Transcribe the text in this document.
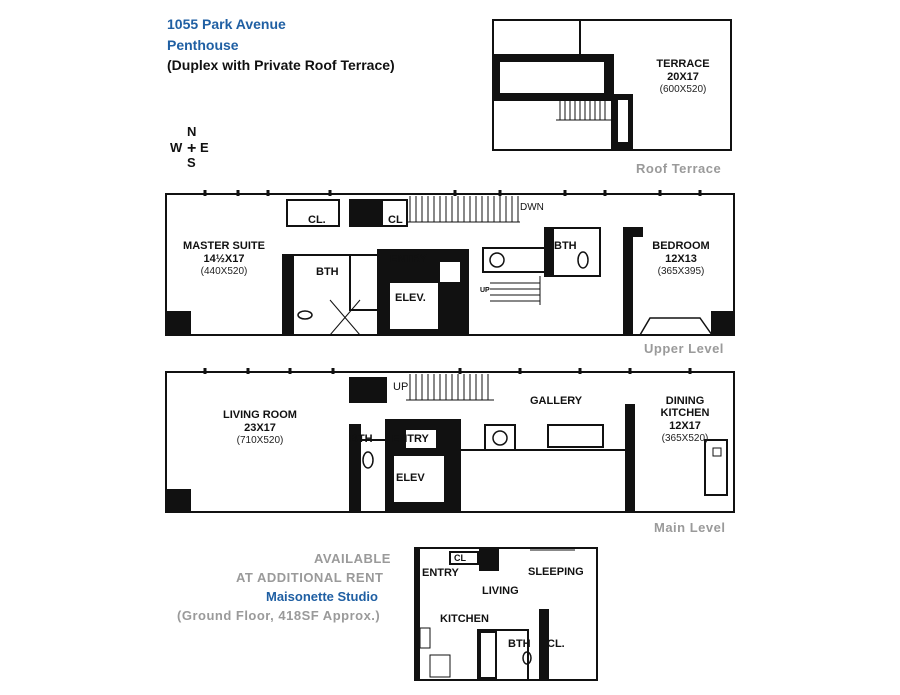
1055 Park Avenue
Penthouse
(Duplex with Private Roof Terrace)
N
+
W E
S
TERRACE
20X17
(600X520)
Roof Terrace
MASTER SUITE
14½X17
(440X520)
CL.	CL
DWN
BTH
ENTRY
ELEV.
BTH
UP
BEDROOM
12X13
(365X395)
Upper Level
LIVING ROOM
23X17
(710X520)
UP
GALLERY
BTH ENTRY
ELEV
DINING
KITCHEN
12X17
(365X520)
Main Level
AVAILABLE
AT ADDITIONAL RENT
Maisonette Studio
(Ground Floor, 418SF Approx.)
CL
ENTRY	SLEEPING
LIVING
KITCHEN
BTH CL.
